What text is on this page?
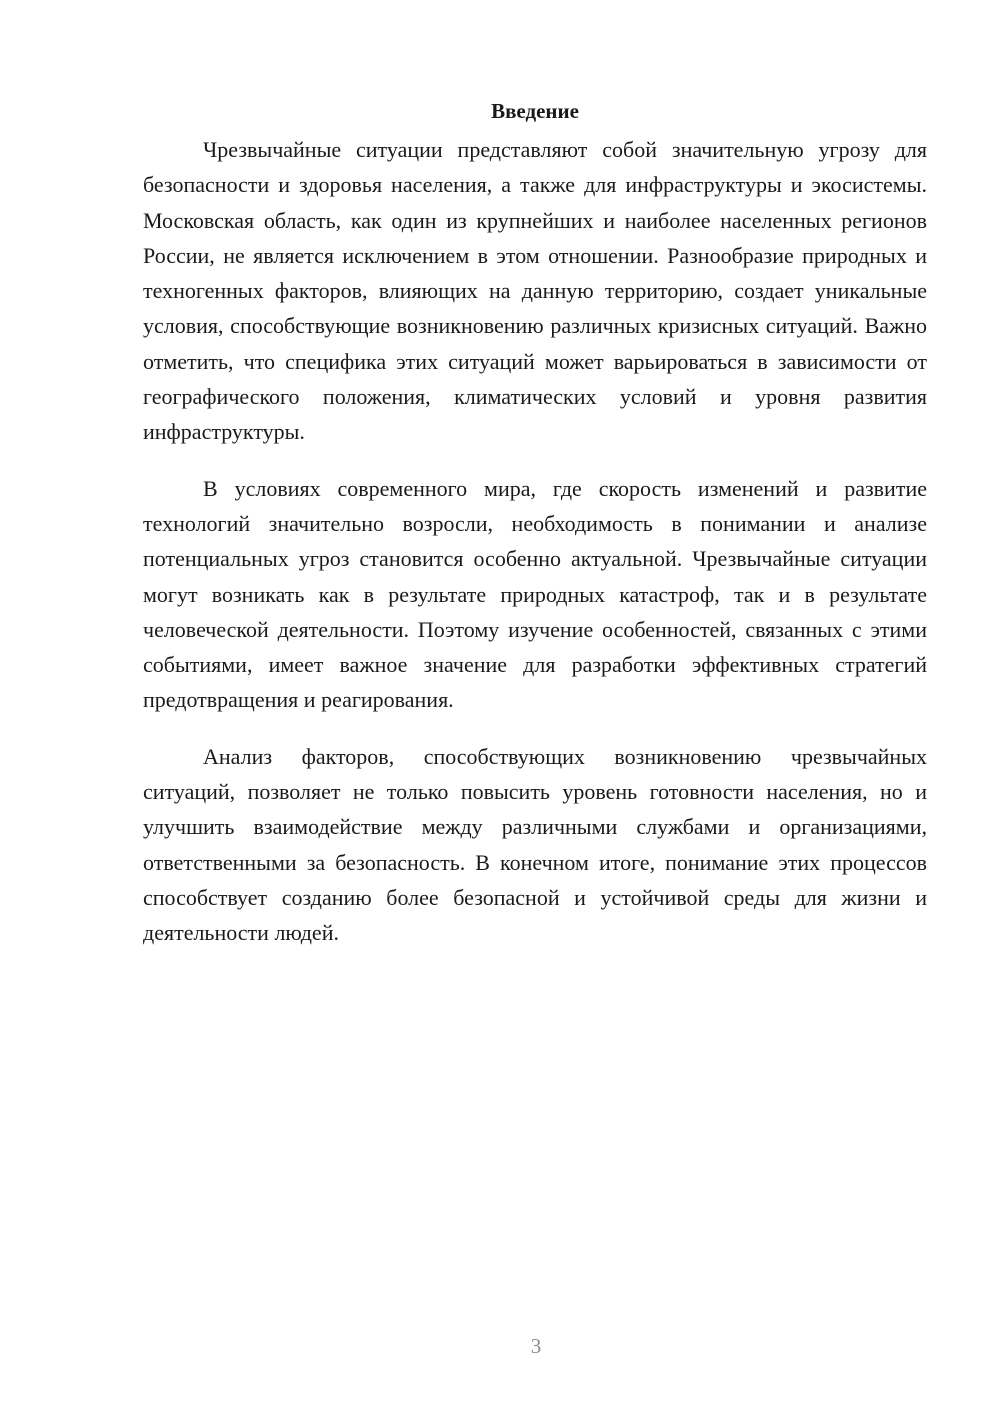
Введение

Чрезвычайные ситуации представляют собой значительную угрозу для безопасности и здоровья населения, а также для инфраструктуры и экосистемы. Московская область, как один из крупнейших и наиболее населенных регионов России, не является исключением в этом отношении. Разнообразие природных и техногенных факторов, влияющих на данную территорию, создает уникальные условия, способствующие возникновению различных кризисных ситуаций. Важно отметить, что специфика этих ситуаций может варьироваться в зависимости от географического положения, климатических условий и уровня развития инфраструктуры.

В условиях современного мира, где скорость изменений и развитие технологий значительно возросли, необходимость в понимании и анализе потенциальных угроз становится особенно актуальной. Чрезвычайные ситуации могут возникать как в результате природных катастроф, так и в результате человеческой деятельности. Поэтому изучение особенностей, связанных с этими событиями, имеет важное значение для разработки эффективных стратегий предотвращения и реагирования.

Анализ факторов, способствующих возникновению чрезвычайных ситуаций, позволяет не только повысить уровень готовности населения, но и улучшить взаимодействие между различными службами и организациями, ответственными за безопасность. В конечном итоге, понимание этих процессов способствует созданию более безопасной и устойчивой среды для жизни и деятельности людей.

3
